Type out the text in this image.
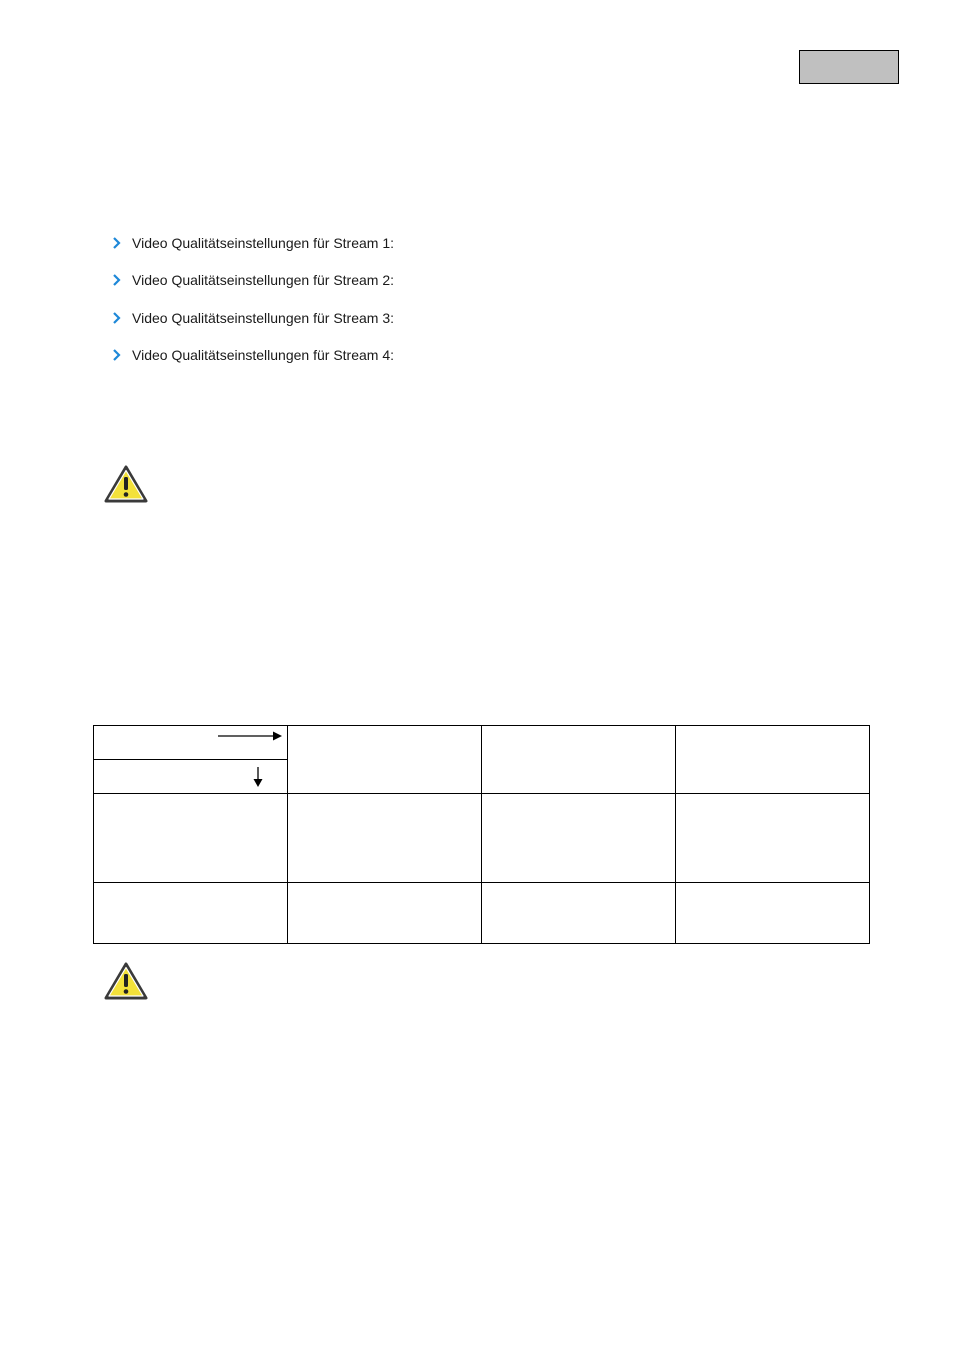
Video Qualitätseinstellungen für Stream 1:
Video Qualitätseinstellungen für Stream 2:
Video Qualitätseinstellungen für Stream 3:
Video Qualitätseinstellungen für Stream 4:
